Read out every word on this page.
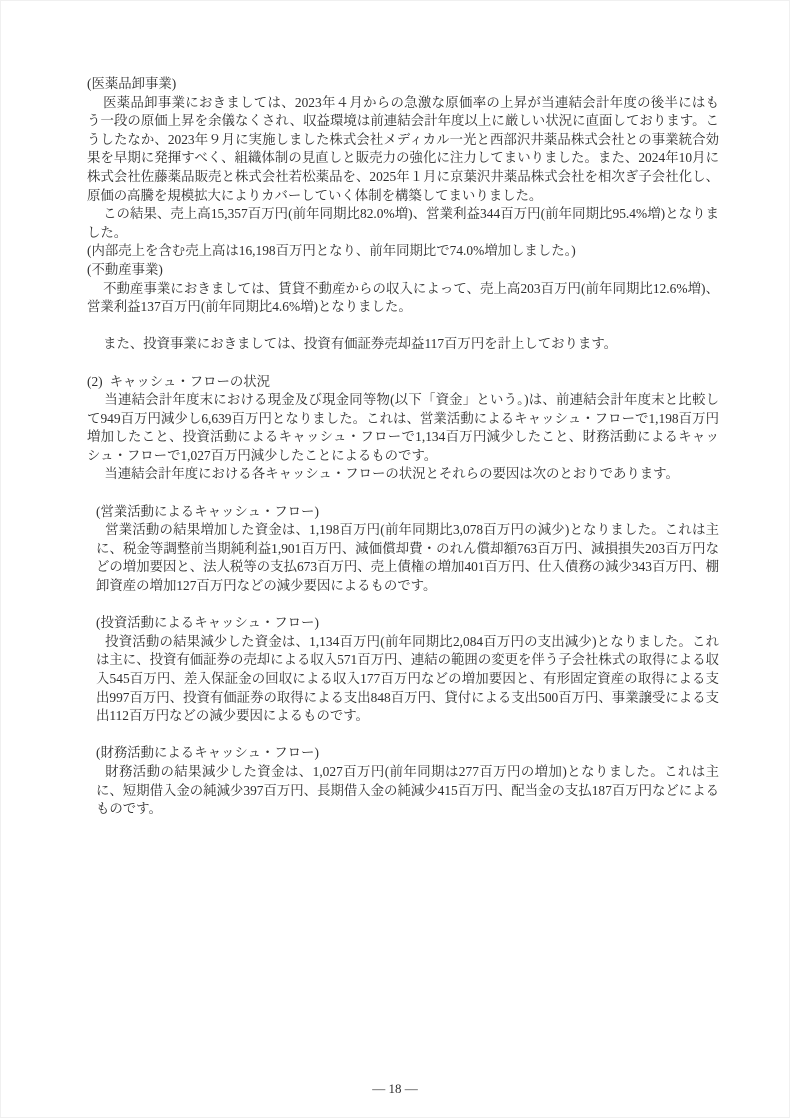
(医薬品卸事業)
医薬品卸事業におきましては、2023年４月からの急激な原価率の上昇が当連結会計年度の後半にはもう一段の原価上昇を余儀なくされ、収益環境は前連結会計年度以上に厳しい状況に直面しております。こうしたなか、2023年９月に実施しました株式会社メディカル一光と西部沢井薬品株式会社との事業統合効果を早期に発揮すべく、組織体制の見直しと販売力の強化に注力してまいりました。また、2024年10月に株式会社佐藤薬品販売と株式会社若松薬品を、2025年１月に京葉沢井薬品株式会社を相次ぎ子会社化し、原価の高騰を規模拡大によりカバーしていく体制を構築してまいりました。
この結果、売上高15,357百万円(前年同期比82.0%増)、営業利益344百万円(前年同期比95.4%増)となりました。
(内部売上を含む売上高は16,198百万円となり、前年同期比で74.0%増加しました。)
(不動産事業)
不動産事業におきましては、賃貸不動産からの収入によって、売上高203百万円(前年同期比12.6%増)、営業利益137百万円(前年同期比4.6%増)となりました。
また、投資事業におきましては、投資有価証券売却益117百万円を計上しております。
(2) キャッシュ・フローの状況
当連結会計年度末における現金及び現金同等物(以下「資金」という。)は、前連結会計年度末と比較して949百万円減少し6,639百万円となりました。これは、営業活動によるキャッシュ・フローで1,198百万円増加したこと、投資活動によるキャッシュ・フローで1,134百万円減少したこと、財務活動によるキャッシュ・フローで1,027百万円減少したことによるものです。
当連結会計年度における各キャッシュ・フローの状況とそれらの要因は次のとおりであります。
(営業活動によるキャッシュ・フロー)
営業活動の結果増加した資金は、1,198百万円(前年同期比3,078百万円の減少)となりました。これは主に、税金等調整前当期純利益1,901百万円、減価償却費・のれん償却額763百万円、減損損失203百万円などの増加要因と、法人税等の支払673百万円、売上債権の増加401百万円、仕入債務の減少343百万円、棚卸資産の増加127百万円などの減少要因によるものです。
(投資活動によるキャッシュ・フロー)
投資活動の結果減少した資金は、1,134百万円(前年同期比2,084百万円の支出減少)となりました。これは主に、投資有価証券の売却による収入571百万円、連結の範囲の変更を伴う子会社株式の取得による収入545百万円、差入保証金の回収による収入177百万円などの増加要因と、有形固定資産の取得による支出997百万円、投資有価証券の取得による支出848百万円、貸付による支出500百万円、事業譲受による支出112百万円などの減少要因によるものです。
(財務活動によるキャッシュ・フロー)
財務活動の結果減少した資金は、1,027百万円(前年同期は277百万円の増加)となりました。これは主に、短期借入金の純減少397百万円、長期借入金の純減少415百万円、配当金の支払187百万円などによるものです。
― 18 ―
